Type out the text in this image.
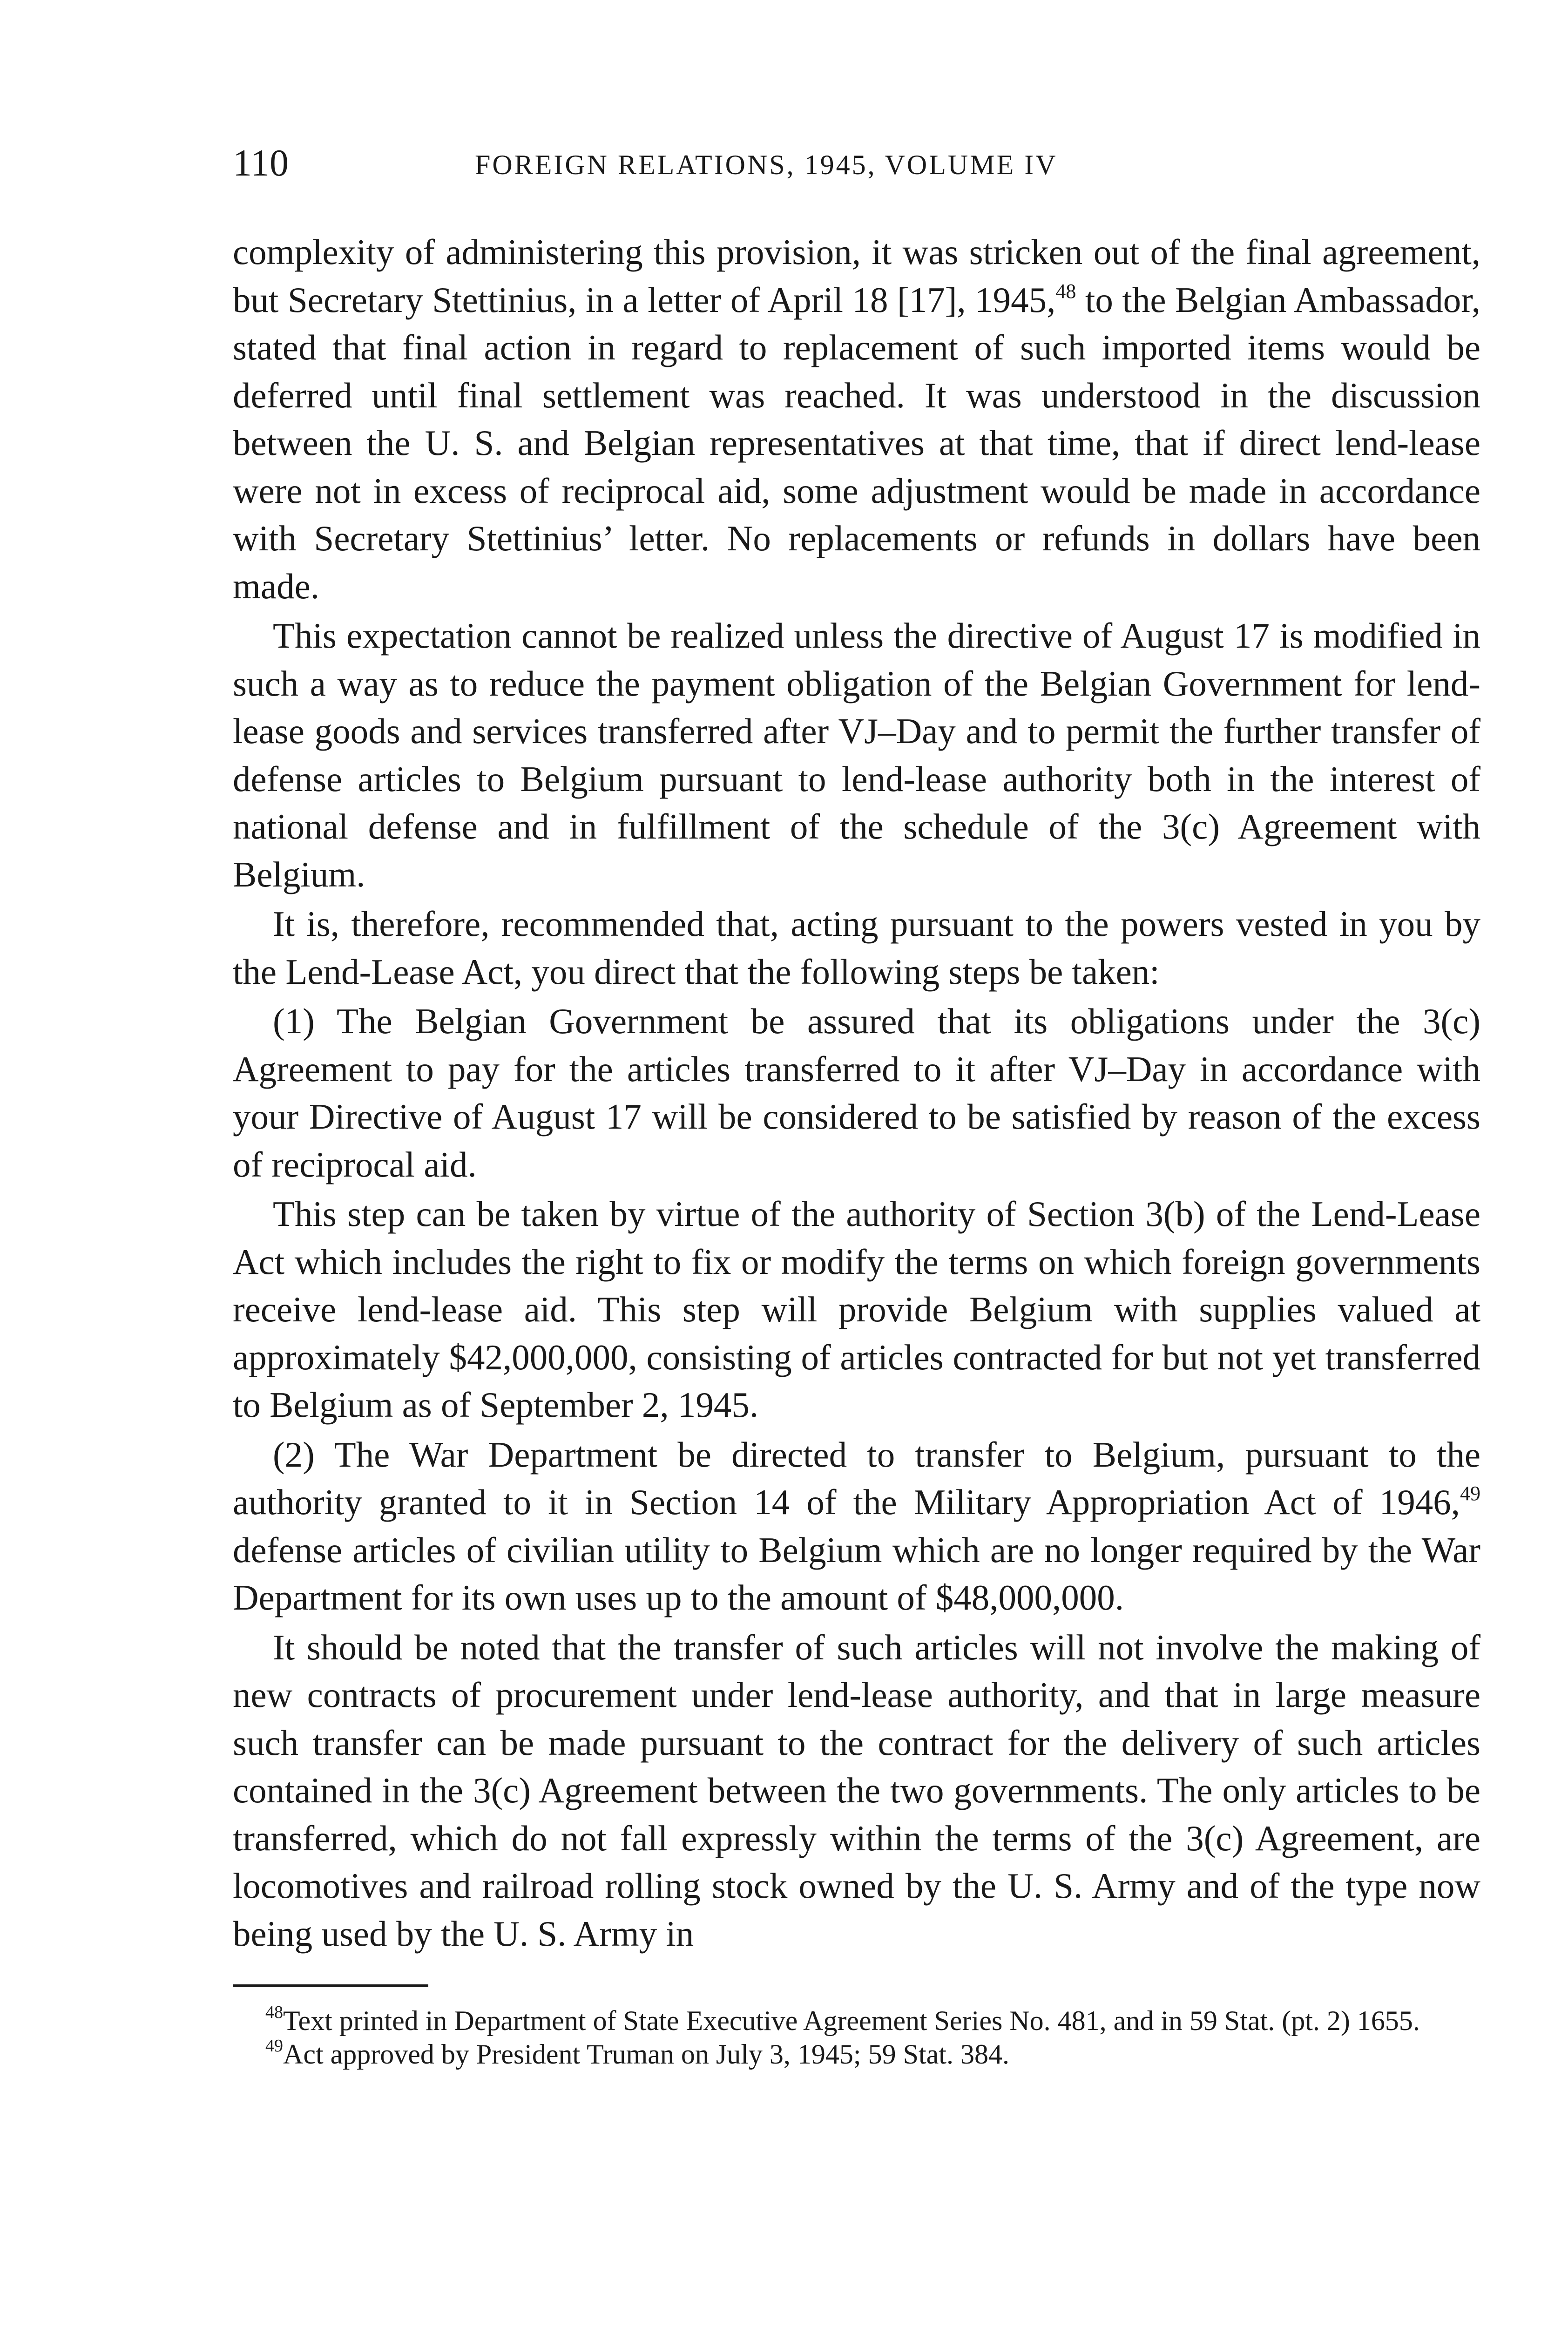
110	FOREIGN RELATIONS, 1945, VOLUME IV

complexity of administering this provision, it was stricken out of the final agreement, but Secretary Stettinius, in a letter of April 18 [17], 1945,48 to the Belgian Ambassador, stated that final action in regard to replacement of such imported items would be deferred until final settlement was reached. It was understood in the discussion between the U. S. and Belgian representatives at that time, that if direct lend-lease were not in excess of reciprocal aid, some adjustment would be made in accordance with Secretary Stettinius’ letter. No replacements or refunds in dollars have been made.

This expectation cannot be realized unless the directive of August 17 is modified in such a way as to reduce the payment obligation of the Belgian Government for lend-lease goods and services transferred after VJ–Day and to permit the further transfer of defense articles to Belgium pursuant to lend-lease authority both in the interest of national defense and in fulfillment of the schedule of the 3(c) Agreement with Belgium.

It is, therefore, recommended that, acting pursuant to the powers vested in you by the Lend-Lease Act, you direct that the following steps be taken:

(1) The Belgian Government be assured that its obligations under the 3(c) Agreement to pay for the articles transferred to it after VJ–Day in accordance with your Directive of August 17 will be considered to be satisfied by reason of the excess of reciprocal aid.

This step can be taken by virtue of the authority of Section 3(b) of the Lend-Lease Act which includes the right to fix or modify the terms on which foreign governments receive lend-lease aid. This step will provide Belgium with supplies valued at approximately $42,000,000, consisting of articles contracted for but not yet transferred to Belgium as of September 2, 1945.

(2) The War Department be directed to transfer to Belgium, pursuant to the authority granted to it in Section 14 of the Military Appropriation Act of 1946,49 defense articles of civilian utility to Belgium which are no longer required by the War Department for its own uses up to the amount of $48,000,000.

It should be noted that the transfer of such articles will not involve the making of new contracts of procurement under lend-lease authority, and that in large measure such transfer can be made pursuant to the contract for the delivery of such articles contained in the 3(c) Agreement between the two governments. The only articles to be transferred, which do not fall expressly within the terms of the 3(c) Agreement, are locomotives and railroad rolling stock owned by the U. S. Army and of the type now being used by the U. S. Army in

$^{48}$Text printed in Department of State Executive Agreement Series No. 481, and in 59 Stat. (pt. 2) 1655.

$^{49}$Act approved by President Truman on July 3, 1945; 59 Stat. 384.
